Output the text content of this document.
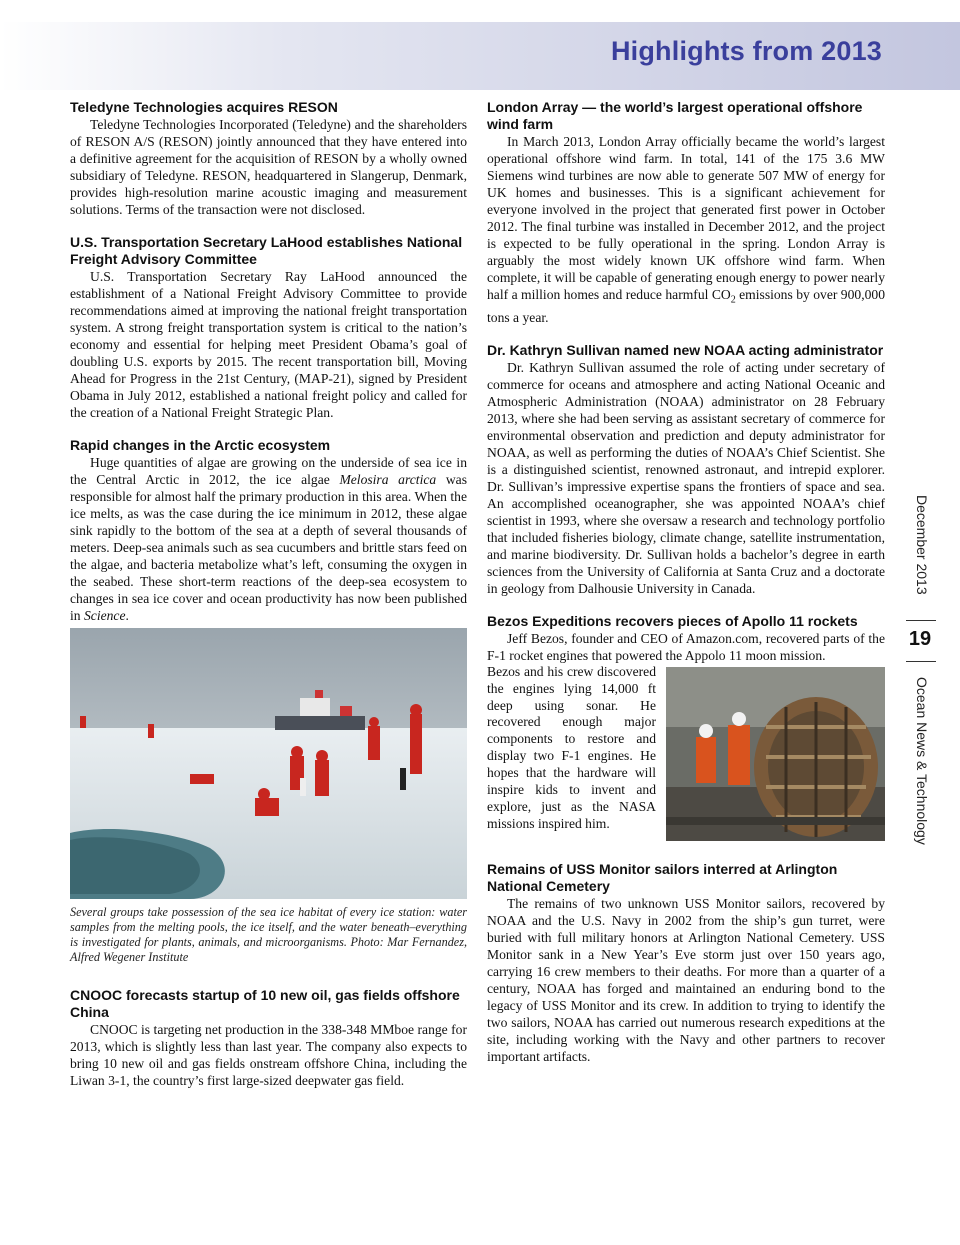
Highlights from 2013

Teledyne Technologies acquires RESON

Teledyne Technologies Incorporated (Teledyne) and the shareholders of RESON A/S (RESON) jointly announced that they have entered into a definitive agreement for the acquisition of RESON by a wholly owned subsidiary of Teledyne. RESON, headquartered in Slangerup, Denmark, provides high-resolution marine acoustic imaging and measurement solutions. Terms of the transaction were not disclosed.

U.S. Transportation Secretary LaHood establishes National Freight Advisory Committee

U.S. Transportation Secretary Ray LaHood announced the establishment of a National Freight Advisory Committee to provide recommendations aimed at improving the national freight transportation system. A strong freight transportation system is critical to the nation’s economy and essential for helping meet President Obama’s goal of doubling U.S. exports by 2015. The recent transportation bill, Moving Ahead for Progress in the 21st Century, (MAP-21), signed by President Obama in July 2012, established a national freight policy and called for the creation of a National Freight Strategic Plan.

Rapid changes in the Arctic ecosystem

Huge quantities of algae are growing on the underside of sea ice in the Central Arctic in 2012, the ice algae Melosira arctica was responsible for almost half the primary production in this area. When the ice melts, as was the case during the ice minimum in 2012, these algae sink rapidly to the bottom of the sea at a depth of several thousands of meters. Deep-sea animals such as sea cucumbers and brittle stars feed on the algae, and bacteria metabolize what’s left, consuming the oxygen in the seabed. These short-term reactions of the deep-sea ecosystem to changes in sea ice cover and ocean productivity has now been published in Science.

Several groups take possession of the sea ice habitat of every ice station: water samples from the melting pools, the ice itself, and the water beneath–everything is investigated for plants, animals, and microorganisms. Photo: Mar Fernandez, Alfred Wegener Institute

CNOOC forecasts startup of 10 new oil, gas fields offshore China

CNOOC is targeting net production in the 338-348 MMboe range for 2013, which is slightly less than last year. The company also expects to bring 10 new oil and gas fields onstream offshore China, including the Liwan 3-1, the country’s first large-sized deepwater gas field.

London Array — the world’s largest operational offshore wind farm

In March 2013, London Array officially became the world’s largest operational offshore wind farm. In total, 141 of the 175 3.6 MW Siemens wind turbines are now able to generate 507 MW of energy for UK homes and businesses. This is a significant achievement for everyone involved in the project that generated first power in October 2012. The final turbine was installed in December 2012, and the project is expected to be fully operational in the spring. London Array is arguably the most widely known UK offshore wind farm. When complete, it will be capable of generating enough energy to power nearly half a million homes and reduce harmful $CO_2$ emissions by over 900,000 tons a year.

Dr. Kathryn Sullivan named new NOAA acting administrator

Dr. Kathryn Sullivan assumed the role of acting under secretary of commerce for oceans and atmosphere and acting National Oceanic and Atmospheric Administration (NOAA) administrator on 28 February 2013, where she had been serving as assistant secretary of commerce for environmental observation and prediction and deputy administrator for NOAA, as well as performing the duties of NOAA’s Chief Scientist. She is a distinguished scientist, renowned astronaut, and intrepid explorer. Dr. Sullivan’s impressive expertise spans the frontiers of space and sea. An accomplished oceanographer, she was appointed NOAA’s chief scientist in 1993, where she oversaw a research and technology portfolio that included fisheries biology, climate change, satellite instrumentation, and marine biodiversity. Dr. Sullivan holds a bachelor’s degree in earth sciences from the University of California at Santa Cruz and a doctorate in geology from Dalhousie University in Canada.

Bezos Expeditions recovers pieces of Apollo 11 rockets

Jeff Bezos, founder and CEO of Amazon.com, recovered parts of the F-1 rocket engines that powered the Appolo 11 moon mission.

Bezos and his crew discovered the engines lying 14,000 ft deep using sonar. He recovered enough major components to restore and display two F-1 engines. He hopes that the hardware will inspire kids to invent and explore, just as the NASA missions inspired him.

Remains of USS Monitor sailors interred at Arlington National Cemetery

The remains of two unknown USS Monitor sailors, recovered by NOAA and the U.S. Navy in 2002 from the ship’s gun turret, were buried with full military honors at Arlington National Cemetery. USS Monitor sank in a New Year’s Eve storm just over 150 years ago, carrying 16 crew members to their deaths. For more than a quarter of a century, NOAA has forged and maintained an enduring bond to the legacy of USS Monitor and its crew. In addition to trying to identify the two sailors, NOAA has carried out numerous research expeditions at the site, including working with the Navy and other partners to recover important artifacts.

December 2013
19
Ocean News & Technology
